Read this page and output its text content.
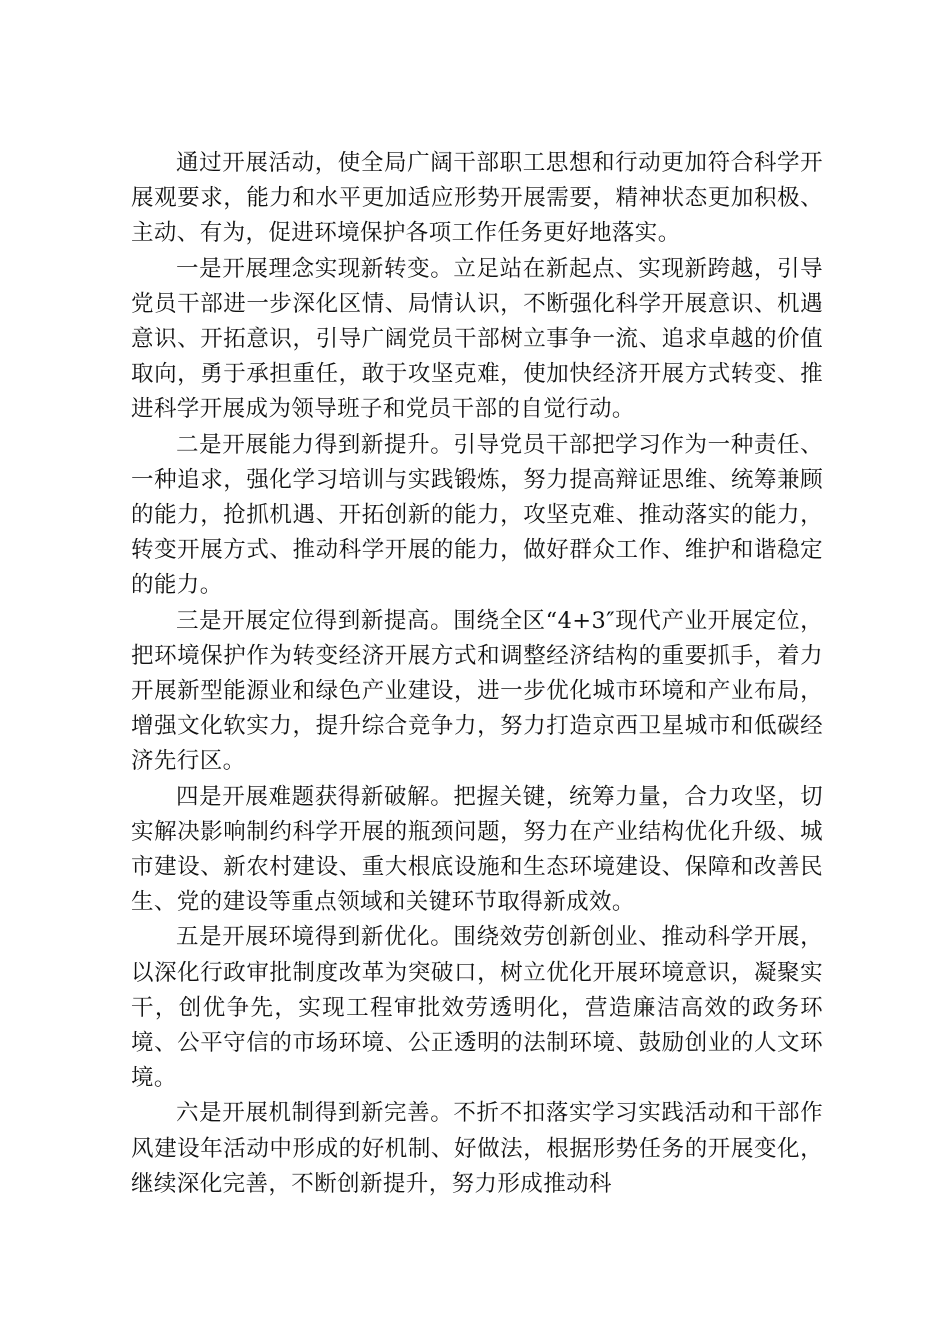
通过开展活动，使全局广阔干部职工思想和行动更加符合科学开展观要求，能力和水平更加适应形势开展需要，精神状态更加积极、主动、有为，促进环境保护各项工作任务更好地落实。

一是开展理念实现新转变。立足站在新起点、实现新跨越，引导党员干部进一步深化区情、局情认识，不断强化科学开展意识、机遇意识、开拓意识，引导广阔党员干部树立事争一流、追求卓越的价值取向，勇于承担重任，敢于攻坚克难，使加快经济开展方式转变、推进科学开展成为领导班子和党员干部的自觉行动。

二是开展能力得到新提升。引导党员干部把学习作为一种责任、一种追求，强化学习培训与实践锻炼，努力提高辩证思维、统筹兼顾的能力，抢抓机遇、开拓创新的能力，攻坚克难、推动落实的能力，转变开展方式、推动科学开展的能力，做好群众工作、维护和谐稳定的能力。

三是开展定位得到新提高。围绕全区“4+3″现代产业开展定位，把环境保护作为转变经济开展方式和调整经济结构的重要抓手，着力开展新型能源业和绿色产业建设，进一步优化城市环境和产业布局，增强文化软实力，提升综合竞争力，努力打造京西卫星城市和低碳经济先行区。

四是开展难题获得新破解。把握关键，统筹力量，合力攻坚，切实解决影响制约科学开展的瓶颈问题，努力在产业结构优化升级、城市建设、新农村建设、重大根底设施和生态环境建设、保障和改善民生、党的建设等重点领域和关键环节取得新成效。

五是开展环境得到新优化。围绕效劳创新创业、推动科学开展，以深化行政审批制度改革为突破口，树立优化开展环境意识，凝聚实干，创优争先，实现工程审批效劳透明化，营造廉洁高效的政务环境、公平守信的市场环境、公正透明的法制环境、鼓励创业的人文环境。

六是开展机制得到新完善。不折不扣落实学习实践活动和干部作风建设年活动中形成的好机制、好做法，根据形势任务的开展变化，继续深化完善，不断创新提升，努力形成推动科
